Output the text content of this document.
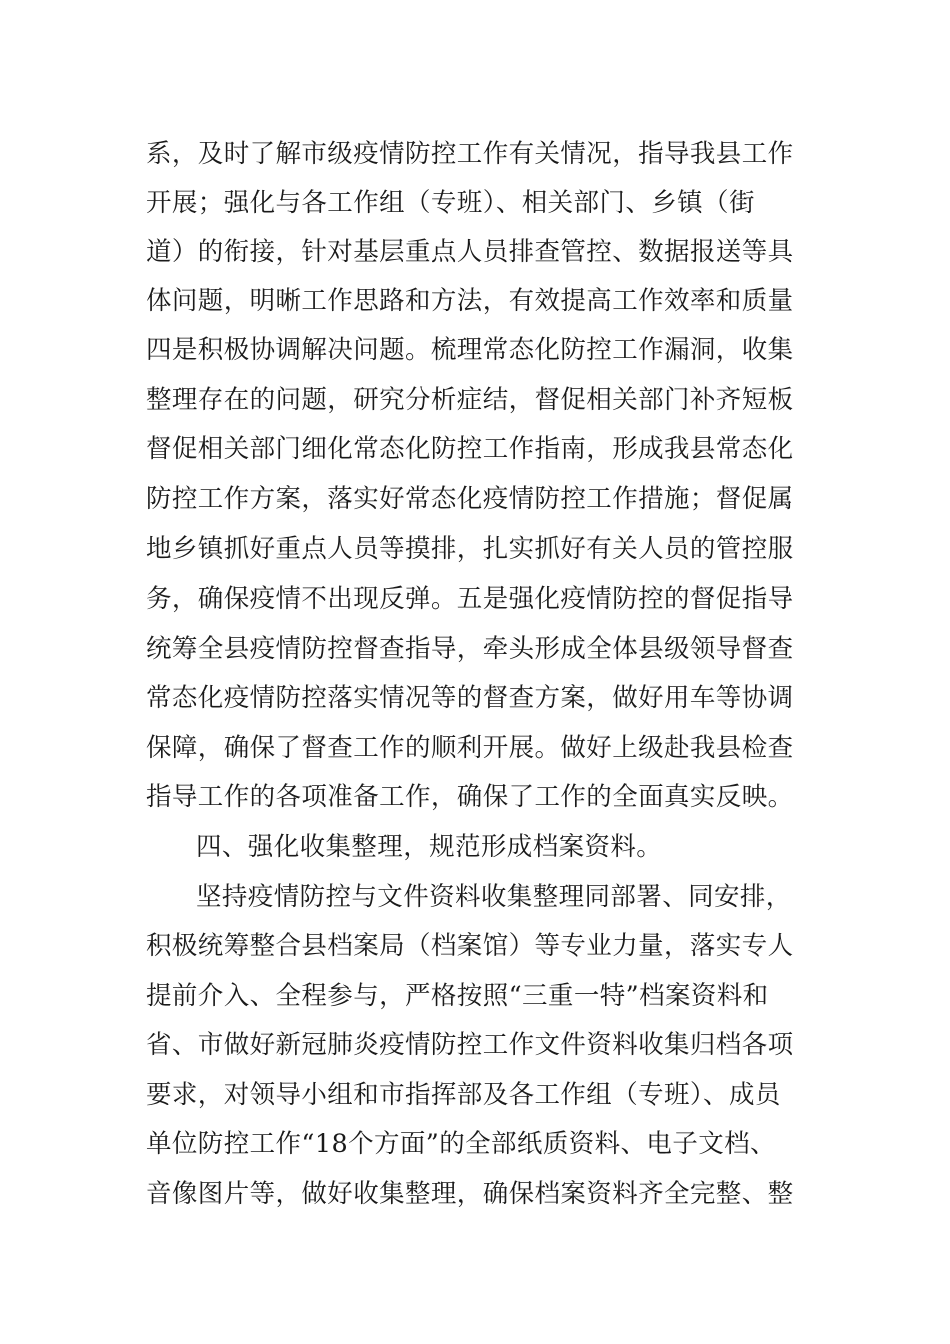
系，及时了解市级疫情防控工作有关情况，指导我县工作
开展；强化与各工作组（专班）、相关部门、乡镇（街
道）的衔接，针对基层重点人员排查管控、数据报送等具
体问题，明晰工作思路和方法，有效提高工作效率和质量
四是积极协调解决问题。梳理常态化防控工作漏洞，收集
整理存在的问题，研究分析症结，督促相关部门补齐短板
督促相关部门细化常态化防控工作指南，形成我县常态化
防控工作方案，落实好常态化疫情防控工作措施；督促属
地乡镇抓好重点人员等摸排，扎实抓好有关人员的管控服
务，确保疫情不出现反弹。五是强化疫情防控的督促指导
统筹全县疫情防控督查指导，牵头形成全体县级领导督查
常态化疫情防控落实情况等的督查方案，做好用车等协调
保障，确保了督查工作的顺利开展。做好上级赴我县检查
指导工作的各项准备工作，确保了工作的全面真实反映。
四、强化收集整理，规范形成档案资料。
坚持疫情防控与文件资料收集整理同部署、同安排，
积极统筹整合县档案局（档案馆）等专业力量，落实专人
提前介入、全程参与，严格按照“三重一特”档案资料和
省、市做好新冠肺炎疫情防控工作文件资料收集归档各项
要求，对领导小组和市指挥部及各工作组（专班）、成员
单位防控工作“18个方面”的全部纸质资料、电子文档、
音像图片等，做好收集整理，确保档案资料齐全完整、整
